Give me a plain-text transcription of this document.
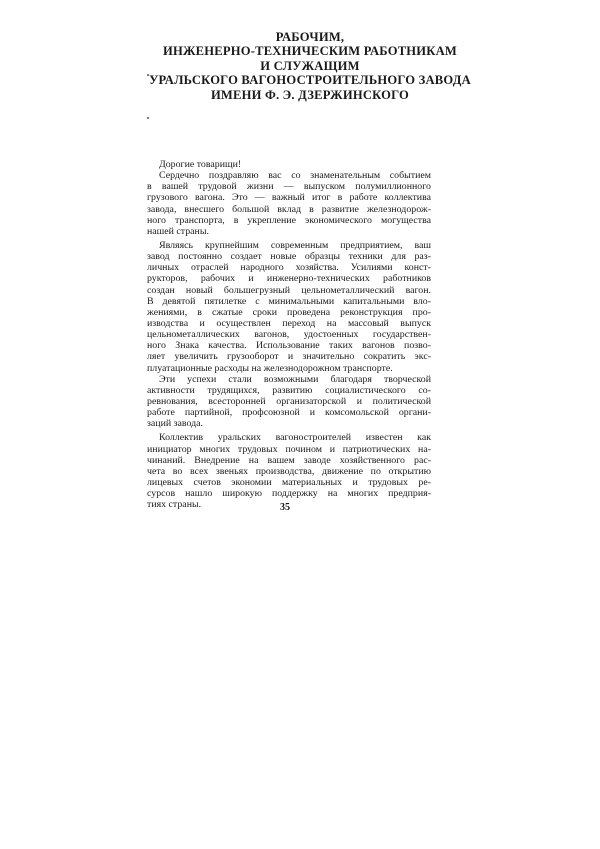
РАБОЧИМ,
ИНЖЕНЕРНО-ТЕХНИЧЕСКИМ РАБОТНИКАМ
И СЛУЖАЩИМ
УРАЛЬСКОГО ВАГОНОСТРОИТЕЛЬНОГО ЗАВОДА
ИМЕНИ Ф. Э. ДЗЕРЖИНСКОГО
Дорогие товарищи!
Сердечно поздравляю вас со знаменательным событием
в вашей трудовой жизни — выпуском полумиллионного
грузового вагона. Это — важный итог в работе коллектива
завода, внесшего большой вклад в развитие железнодорож-
ного транспорта, в укрепление экономического могущества
нашей страны.
Являясь крупнейшим современным предприятием, ваш
завод постоянно создает новые образцы техники для раз-
личных отраслей народного хозяйства. Усилиями конст-
рукторов, рабочих и инженерно-технических работников
создан новый большегрузный цельнометаллический вагон.
В девятой пятилетке с минимальными капитальными вло-
жениями, в сжатые сроки проведена реконструкция про-
изводства и осуществлен переход на массовый выпуск
цельнометаллических вагонов, удостоенных государствен-
ного Знака качества. Использование таких вагонов позво-
ляет увеличить грузооборот и значительно сократить экс-
плуатационные расходы на железнодорожном транспорте.
Эти успехи стали возможными благодаря творческой
активности трудящихся, развитию социалистического со-
ревнования, всесторонней организаторской и политической
работе партийной, профсоюзной и комсомольской органи-
заций завода.
Коллектив уральских вагоностроителей известен как
инициатор многих трудовых почином и патриотических на-
чинаний. Внедрение на вашем заводе хозяйственного рас-
чета во всех звеньях производства, движение по открытию
лицевых счетов экономии материальных и трудовых ре-
сурсов нашло широкую поддержку на многих предприя-
тиях страны.	35
